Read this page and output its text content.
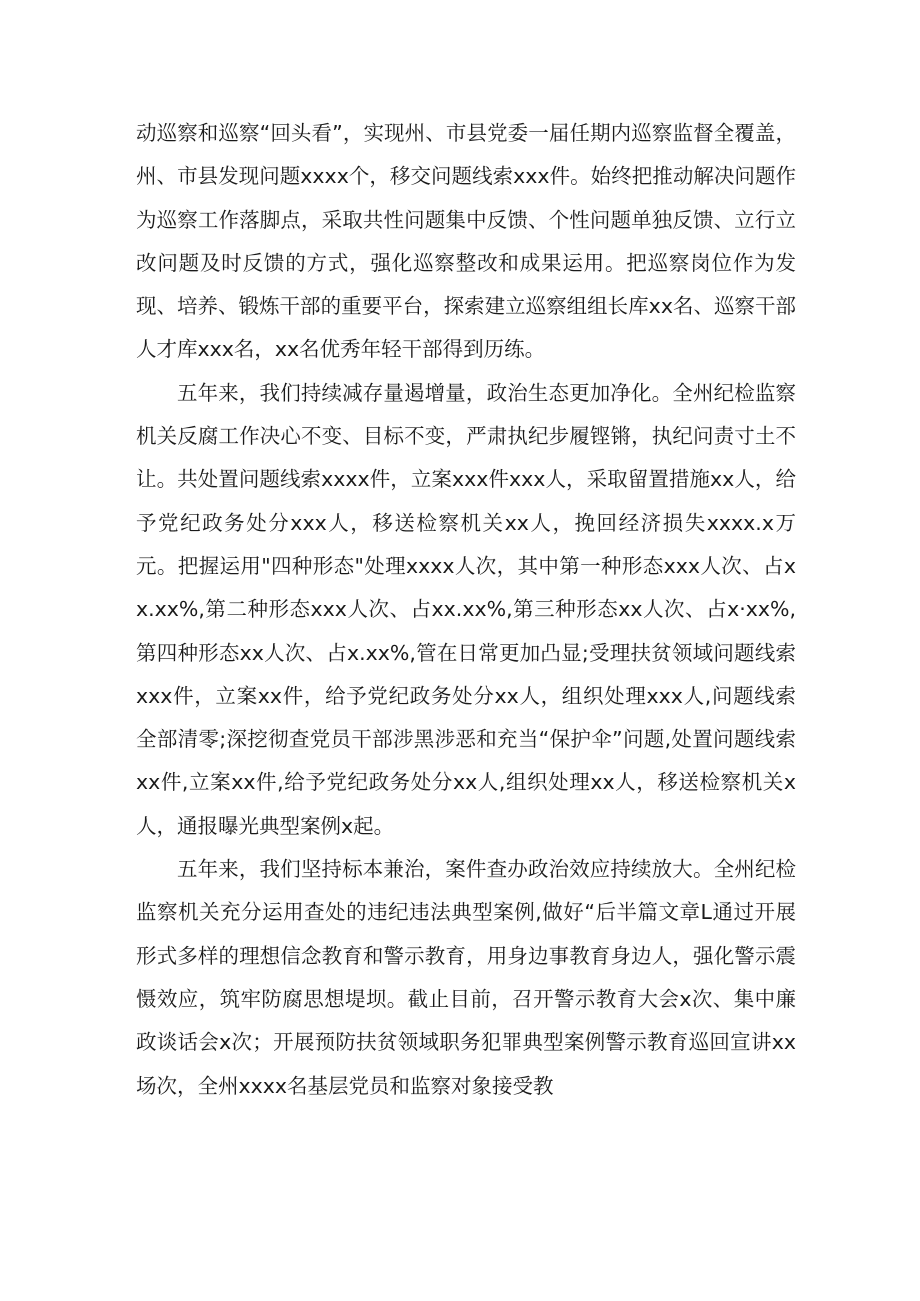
动巡察和巡察“回头看”，实现州、市县党委一届任期内巡察监督全覆盖，州、市县发现问题xxxx个，移交问题线索xxx件。始终把推动解决问题作为巡察工作落脚点，采取共性问题集中反馈、个性问题单独反馈、立行立改问题及时反馈的方式，强化巡察整改和成果运用。把巡察岗位作为发现、培养、锻炼干部的重要平台，探索建立巡察组组长库xx名、巡察干部人才库xxx名，xx名优秀年轻干部得到历练。

五年来，我们持续减存量遏增量，政治生态更加净化。全州纪检监察机关反腐工作决心不变、目标不变，严肃执纪步履铿锵，执纪问责寸土不让。共处置问题线索xxxx件，立案xxx件xxx人，采取留置措施xx人，给予党纪政务处分xxx人，移送检察机关xx人，挽回经济损失xxxx.x万元。把握运用"四种形态"处理xxxx人次，其中第一种形态xxx人次、占xx.xx%,第二种形态xxx人次、占xx.xx%,第三种形态xx人次、占x·xx%,第四种形态xx人次、占x.xx%,管在日常更加凸显;受理扶贫领域问题线索xxx件，立案xx件，给予党纪政务处分xx人，组织处理xxx人,问题线索全部清零;深挖彻查党员干部涉黑涉恶和充当“保护伞”问题,处置问题线索xx件,立案xx件,给予党纪政务处分xx人,组织处理xx人，移送检察机关x人，通报曝光典型案例x起。

五年来，我们坚持标本兼治，案件查办政治效应持续放大。全州纪检监察机关充分运用查处的违纪违法典型案例,做好“后半篇文章L通过开展形式多样的理想信念教育和警示教育，用身边事教育身边人，强化警示震慑效应，筑牢防腐思想堤坝。截止目前，召开警示教育大会x次、集中廉政谈话会x次；开展预防扶贫领域职务犯罪典型案例警示教育巡回宣讲xx场次，全州xxxx名基层党员和监察对象接受教
